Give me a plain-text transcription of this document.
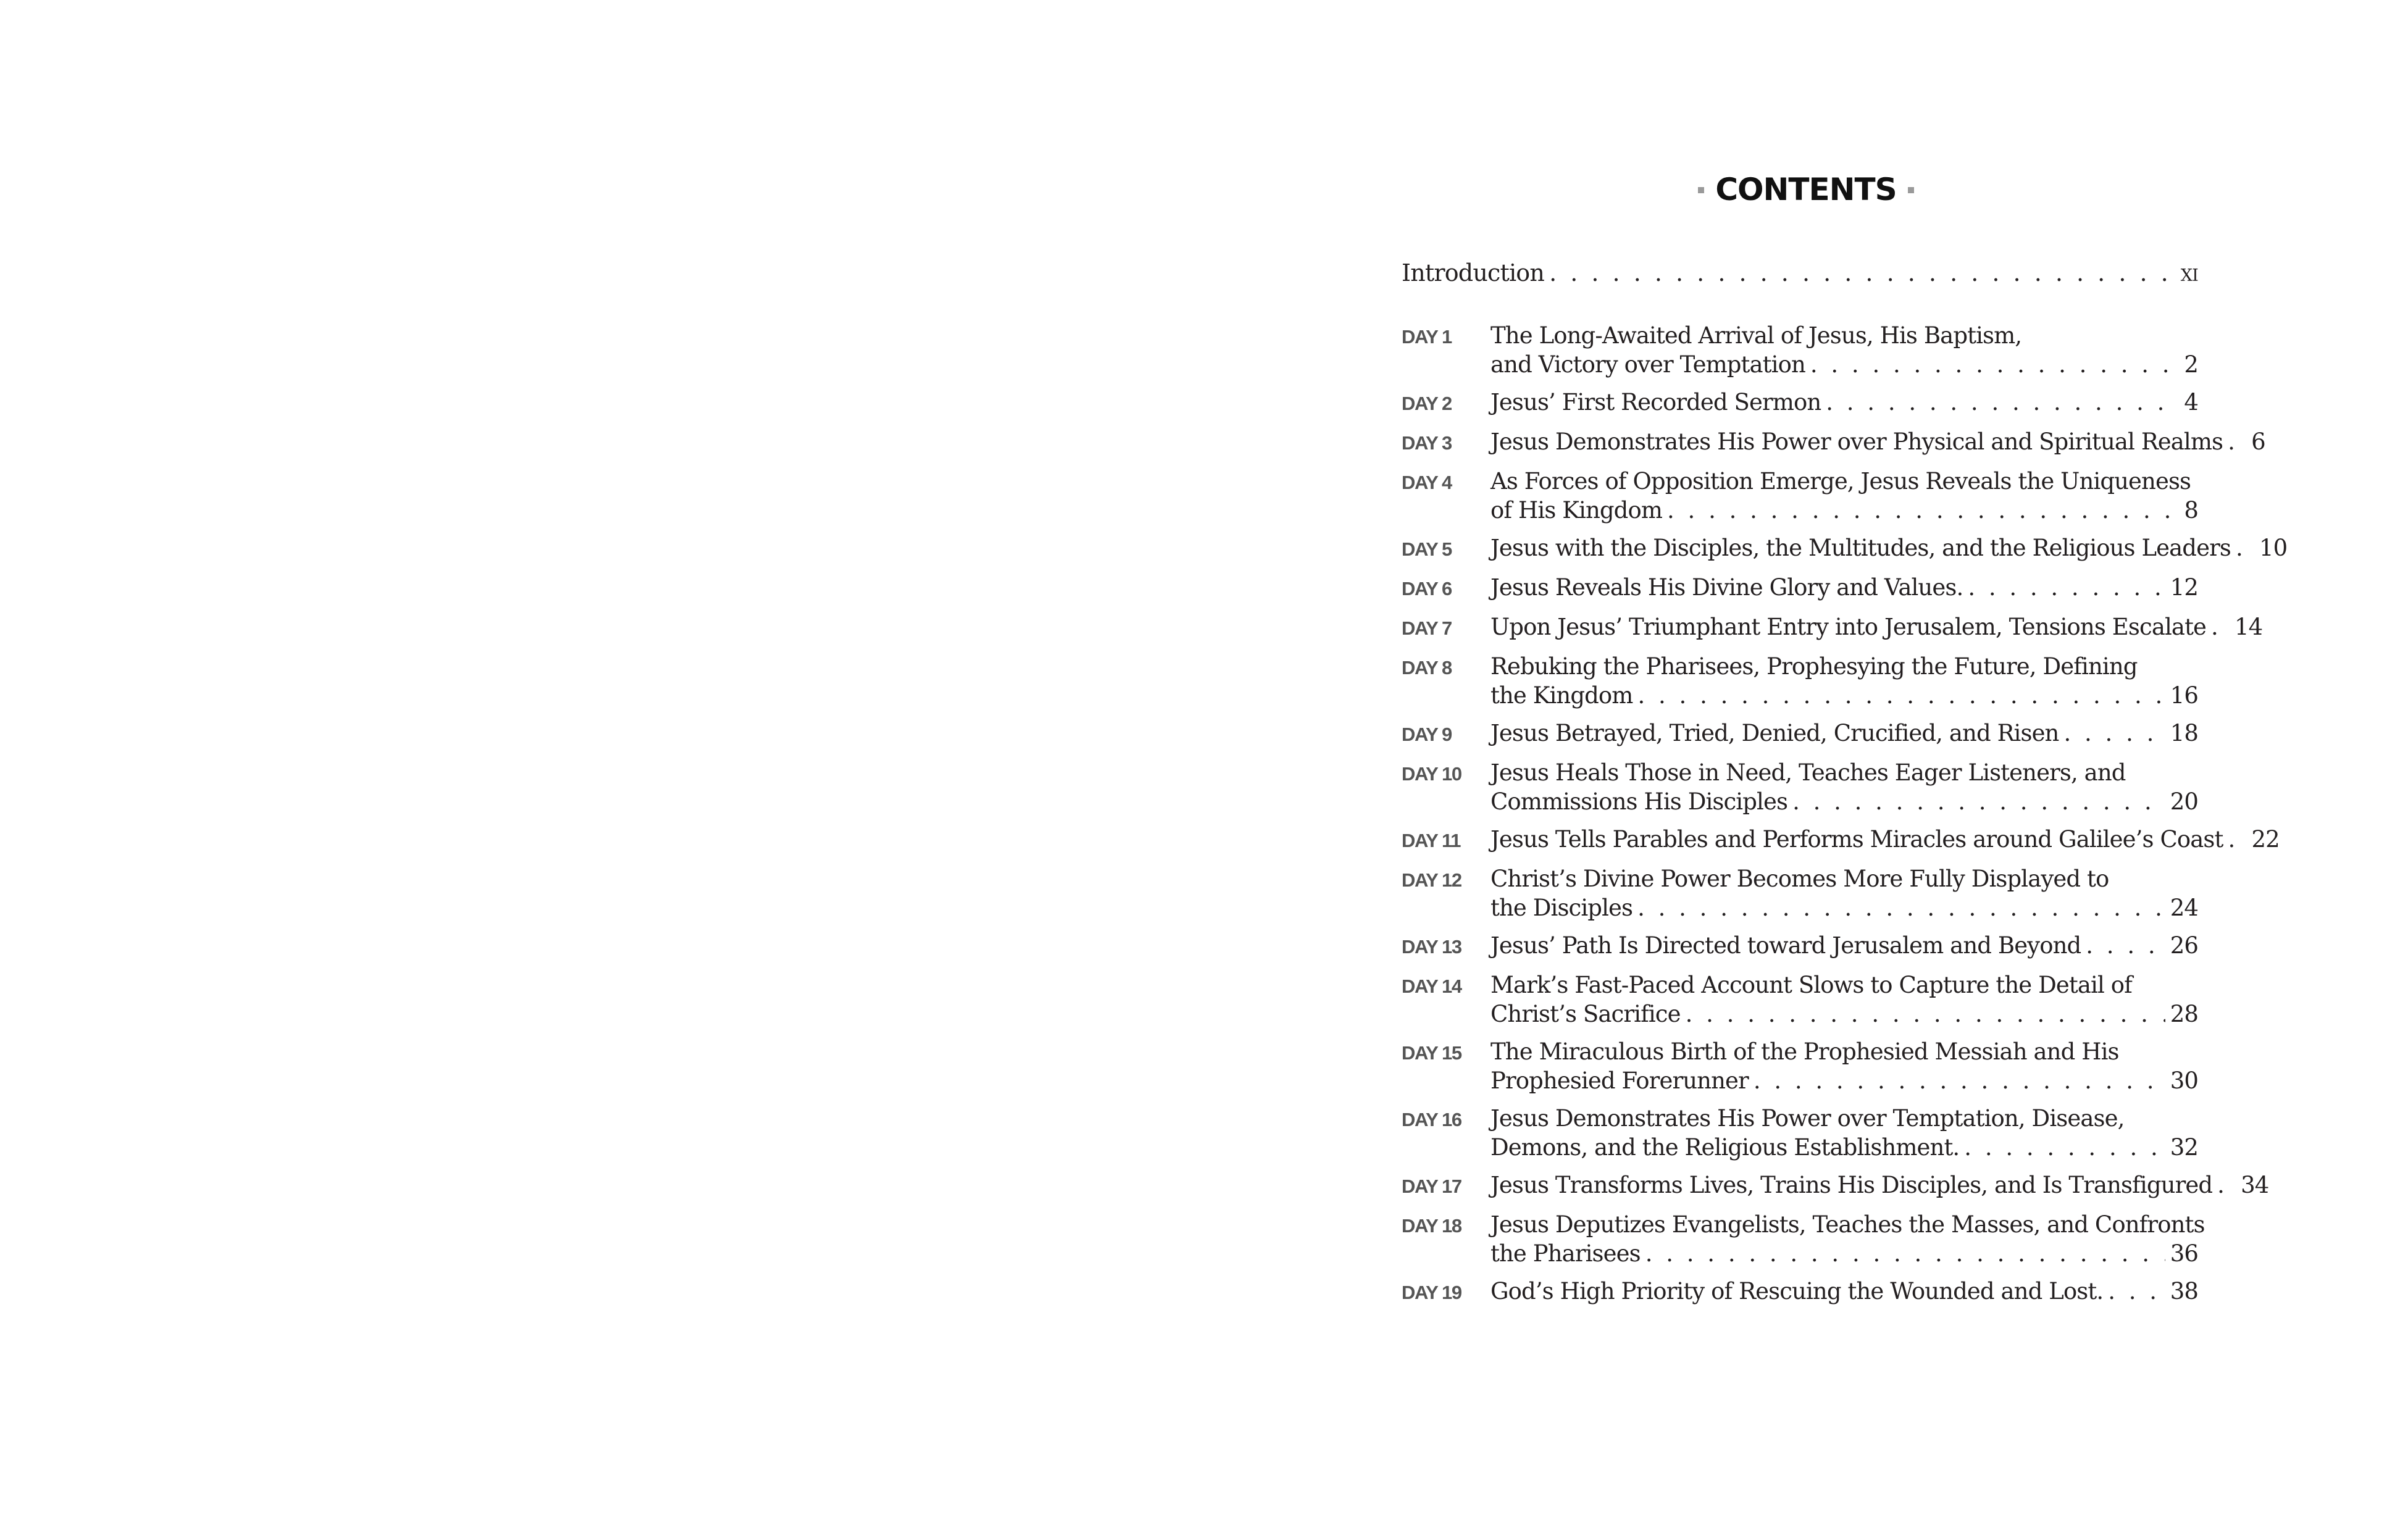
CONTENTS
Introduction . . .	xi
DAY 1	The Long-Awaited Arrival of Jesus, His Baptism,
and Victory over Temptation . . .	2
DAY 2	Jesus’ First Recorded Sermon . . .	4
DAY 3	Jesus Demonstrates His Power over Physical and Spiritual Realms . . . 6
DAY 4	As Forces of Opposition Emerge, Jesus Reveals the Uniqueness
of His Kingdom . . .	8
DAY 5	Jesus with the Disciples, the Multitudes, and the Religious Leaders . . . 10
DAY 6	Jesus Reveals His Divine Glory and Values. . . .	12
DAY 7	Upon Jesus’ Triumphant Entry into Jerusalem, Tensions Escalate . . . 14
DAY 8	Rebuking the Pharisees, Prophesying the Future, Defining
the Kingdom . . .	16
DAY 9	Jesus Betrayed, Tried, Denied, Crucified, and Risen . . .	18
DAY 10	Jesus Heals Those in Need, Teaches Eager Listeners, and
Commissions His Disciples . . .	20
DAY 11	Jesus Tells Parables and Performs Miracles around Galilee’s Coast . . . 22
DAY 12	Christ’s Divine Power Becomes More Fully Displayed to
the Disciples . . .	24
DAY 13	Jesus’ Path Is Directed toward Jerusalem and Beyond . . .	26
DAY 14	Mark’s Fast-Paced Account Slows to Capture the Detail of
Christ’s Sacrifice . . .	28
DAY 15	The Miraculous Birth of the Prophesied Messiah and His
Prophesied Forerunner . . .	30
DAY 16	Jesus Demonstrates His Power over Temptation, Disease,
Demons, and the Religious Establishment. . . .	32
DAY 17	Jesus Transforms Lives, Trains His Disciples, and Is Transfigured . . . 34
DAY 18	Jesus Deputizes Evangelists, Teaches the Masses, and Confronts
the Pharisees . . .	36
DAY 19	God’s High Priority of Rescuing the Wounded and Lost. . . .	38
